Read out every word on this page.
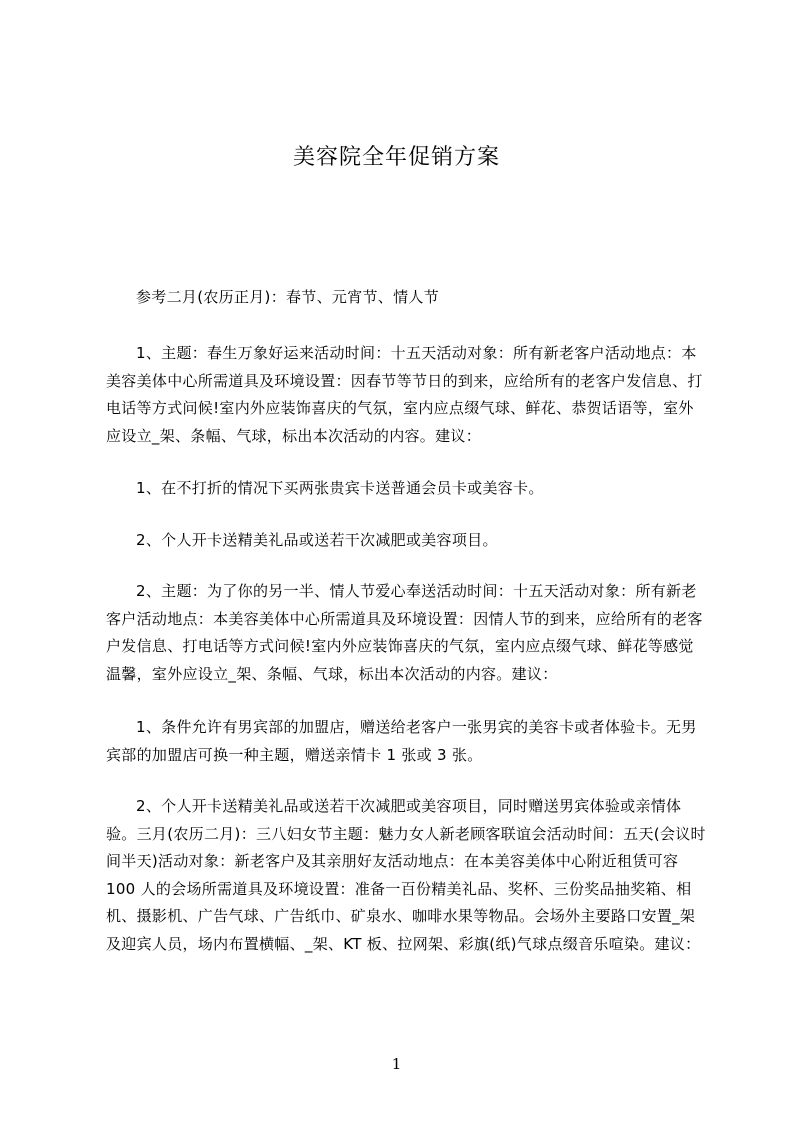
美容院全年促销方案

参考二月(农历正月)：春节、元宵节、情人节

1、主题：春生万象好运来活动时间：十五天活动对象：所有新老客户活动地点：本美容美体中心所需道具及环境设置：因春节等节日的到来，应给所有的老客户发信息、打电话等方式问候!室内外应装饰喜庆的气氛，室内应点缀气球、鲜花、恭贺话语等，室外应设立_架、条幅、气球，标出本次活动的内容。建议：

1、在不打折的情况下买两张贵宾卡送普通会员卡或美容卡。

2、个人开卡送精美礼品或送若干次减肥或美容项目。

2、主题：为了你的另一半、情人节爱心奉送活动时间：十五天活动对象：所有新老客户活动地点：本美容美体中心所需道具及环境设置：因情人节的到来，应给所有的老客户发信息、打电话等方式问候!室内外应装饰喜庆的气氛，室内应点缀气球、鲜花等感觉温馨，室外应设立_架、条幅、气球，标出本次活动的内容。建议：

1、条件允许有男宾部的加盟店，赠送给老客户一张男宾的美容卡或者体验卡。无男宾部的加盟店可换一种主题，赠送亲情卡 1 张或 3 张。

2、个人开卡送精美礼品或送若干次减肥或美容项目，同时赠送男宾体验或亲情体验。三月(农历二月)：三八妇女节主题：魅力女人新老顾客联谊会活动时间：五天(会议时间半天)活动对象：新老客户及其亲朋好友活动地点：在本美容美体中心附近租赁可容 100 人的会场所需道具及环境设置：准备一百份精美礼品、奖杯、三份奖品抽奖箱、相机、摄影机、广告气球、广告纸巾、矿泉水、咖啡水果等物品。会场外主要路口安置_架及迎宾人员，场内布置横幅、_架、KT 板、拉网架、彩旗(纸)气球点缀音乐喧染。建议：

1
